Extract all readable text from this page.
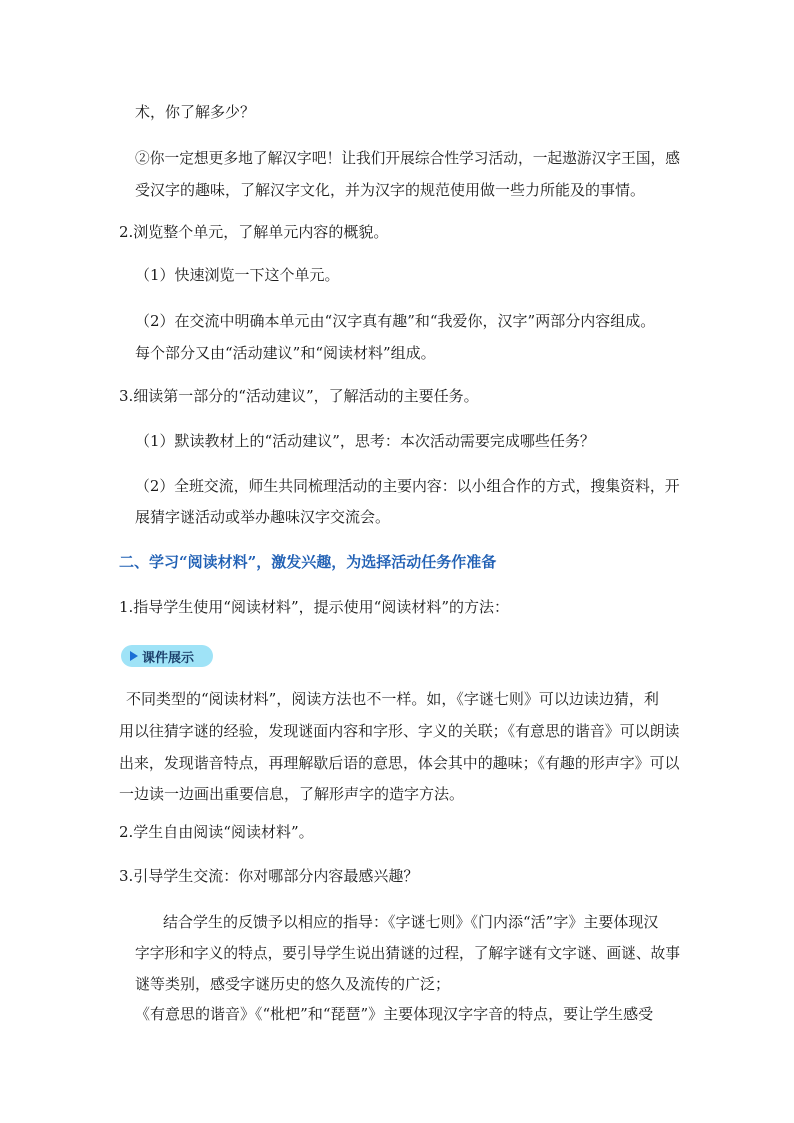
术，你了解多少？
②你一定想更多地了解汉字吧！让我们开展综合性学习活动，一起遨游汉字王国，感
受汉字的趣味，了解汉字文化，并为汉字的规范使用做一些力所能及的事情。
2.浏览整个单元，了解单元内容的概貌。
（1）快速浏览一下这个单元。
（2）在交流中明确本单元由“汉字真有趣”和“我爱你，汉字”两部分内容组成。
每个部分又由“活动建议”和“阅读材料”组成。
3.细读第一部分的“活动建议”，了解活动的主要任务。
（1）默读教材上的“活动建议”，思考：本次活动需要完成哪些任务？
（2）全班交流，师生共同梳理活动的主要内容：以小组合作的方式，搜集资料，开
展猜字谜活动或举办趣味汉字交流会。
二、学习“阅读材料”，激发兴趣，为选择活动任务作准备
1.指导学生使用“阅读材料”，提示使用“阅读材料”的方法：
课件展示
不同类型的“阅读材料”，阅读方法也不一样。如，《字谜七则》可以边读边猜，利
用以往猜字谜的经验，发现谜面内容和字形、字义的关联；《有意思的谐音》可以朗读
出来，发现谐音特点，再理解歇后语的意思，体会其中的趣味；《有趣的形声字》可以
一边读一边画出重要信息，了解形声字的造字方法。
2.学生自由阅读“阅读材料”。
3.引导学生交流：你对哪部分内容最感兴趣？
结合学生的反馈予以相应的指导：《字谜七则》《门内添“活”字》主要体现汉
字字形和字义的特点，要引导学生说出猜谜的过程，了解字谜有文字谜、画谜、故事
谜等类别，感受字谜历史的悠久及流传的广泛；
《有意思的谐音》《“枇杷”和“琵琶”》主要体现汉字字音的特点，要让学生感受
